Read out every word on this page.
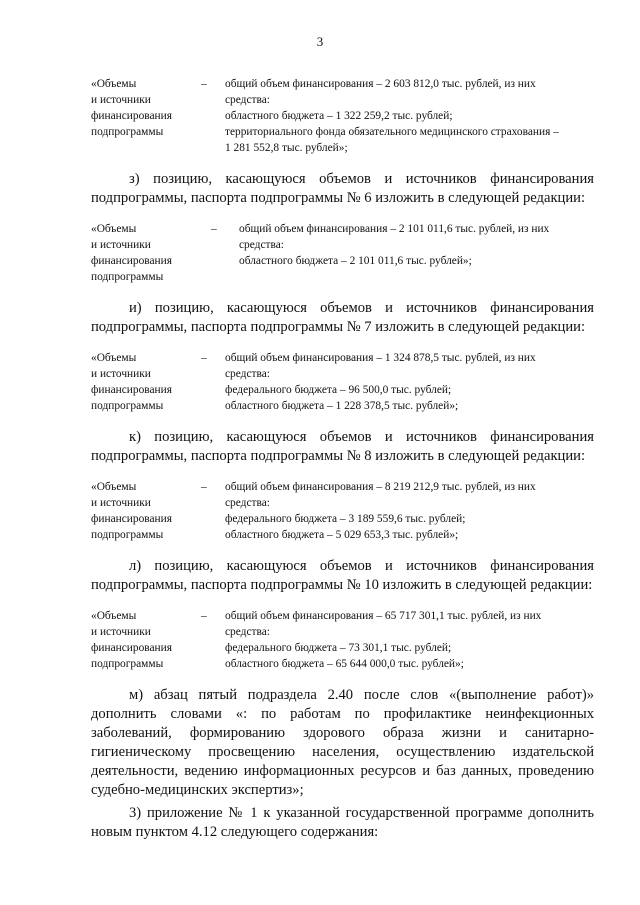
3
«Объемы
и источники
финансирования
подпрограммы
–	общий объем финансирования – 2 603 812,0 тыс. рублей, из них
средства:
областного бюджета – 1 322 259,2 тыс. рублей;
территориального фонда обязательного медицинского страхования –
1 281 552,8 тыс. рублей»;

з) позицию, касающуюся объемов и источников финансирования подпрограммы, паспорта подпрограммы № 6 изложить в следующей редакции:

«Объемы
и источники
финансирования
подпрограммы
–	общий объем финансирования – 2 101 011,6 тыс. рублей, из них
средства:
областного бюджета – 2 101 011,6 тыс. рублей»;

и) позицию, касающуюся объемов и источников финансирования подпрограммы, паспорта подпрограммы № 7 изложить в следующей редакции:

«Объемы
и источники
финансирования
подпрограммы
–	общий объем финансирования – 1 324 878,5 тыс. рублей, из них
средства:
федерального бюджета – 96 500,0 тыс. рублей;
областного бюджета – 1 228 378,5 тыс. рублей»;

к) позицию, касающуюся объемов и источников финансирования подпрограммы, паспорта подпрограммы № 8 изложить в следующей редакции:

«Объемы
и источники
финансирования
подпрограммы
–	общий объем финансирования – 8 219 212,9 тыс. рублей, из них
средства:
федерального бюджета – 3 189 559,6 тыс. рублей;
областного бюджета – 5 029 653,3 тыс. рублей»;

л) позицию, касающуюся объемов и источников финансирования подпрограммы, паспорта подпрограммы № 10 изложить в следующей редакции:

«Объемы
и источники
финансирования
подпрограммы
–	общий объем финансирования – 65 717 301,1 тыс. рублей, из них
средства:
федерального бюджета – 73 301,1 тыс. рублей;
областного бюджета – 65 644 000,0 тыс. рублей»;

м) абзац пятый подраздела 2.40 после слов «(выполнение работ)» дополнить словами «: по работам по профилактике неинфекционных заболеваний, формированию здорового образа жизни и санитарно-гигиеническому просвещению населения, осуществлению издательской деятельности, ведению информационных ресурсов и баз данных, проведению судебно-медицинских экспертиз»;

3) приложение № 1 к указанной государственной программе дополнить новым пунктом 4.12 следующего содержания:
